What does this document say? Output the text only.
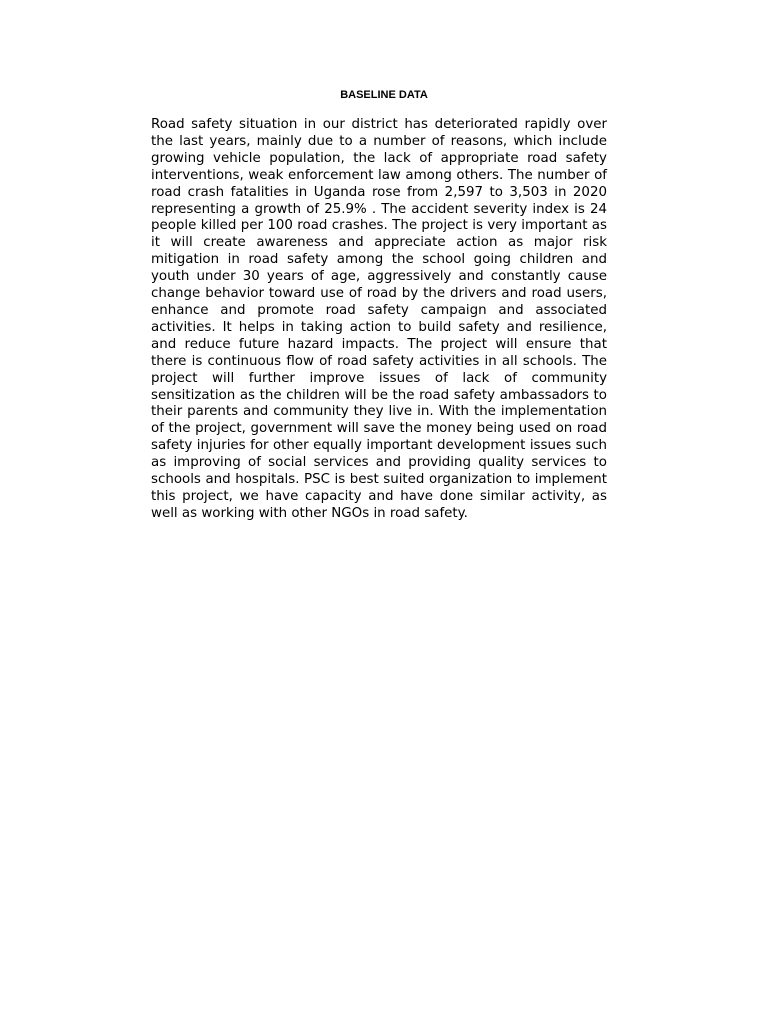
BASELINE DATA

Road safety situation in our district has deteriorated rapidly over the last years, mainly due to a number of reasons, which include growing vehicle population, the lack of appropriate road safety interventions, weak enforcement law among others. The number of road crash fatalities in Uganda rose from 2,597 to 3,503 in 2020 representing a growth of 25.9% . The accident severity index is 24 people killed per 100 road crashes. The project is very important as it will create awareness and appreciate action as major risk mitigation in road safety among the school going children and youth under 30 years of age, aggressively and constantly cause change behavior toward use of road by the drivers and road users, enhance and promote road safety campaign and associated activities. It helps in taking action to build safety and resilience, and reduce future hazard impacts. The project will ensure that there is continuous flow of road safety activities in all schools. The project will further improve issues of lack of community sensitization as the children will be the road safety ambassadors to their parents and community they live in. With the implementation of the project, government will save the money being used on road safety injuries for other equally important development issues such as improving of social services and providing quality services to schools and hospitals. PSC is best suited organization to implement this project, we have capacity and have done similar activity, as well as working with other NGOs in road safety.
